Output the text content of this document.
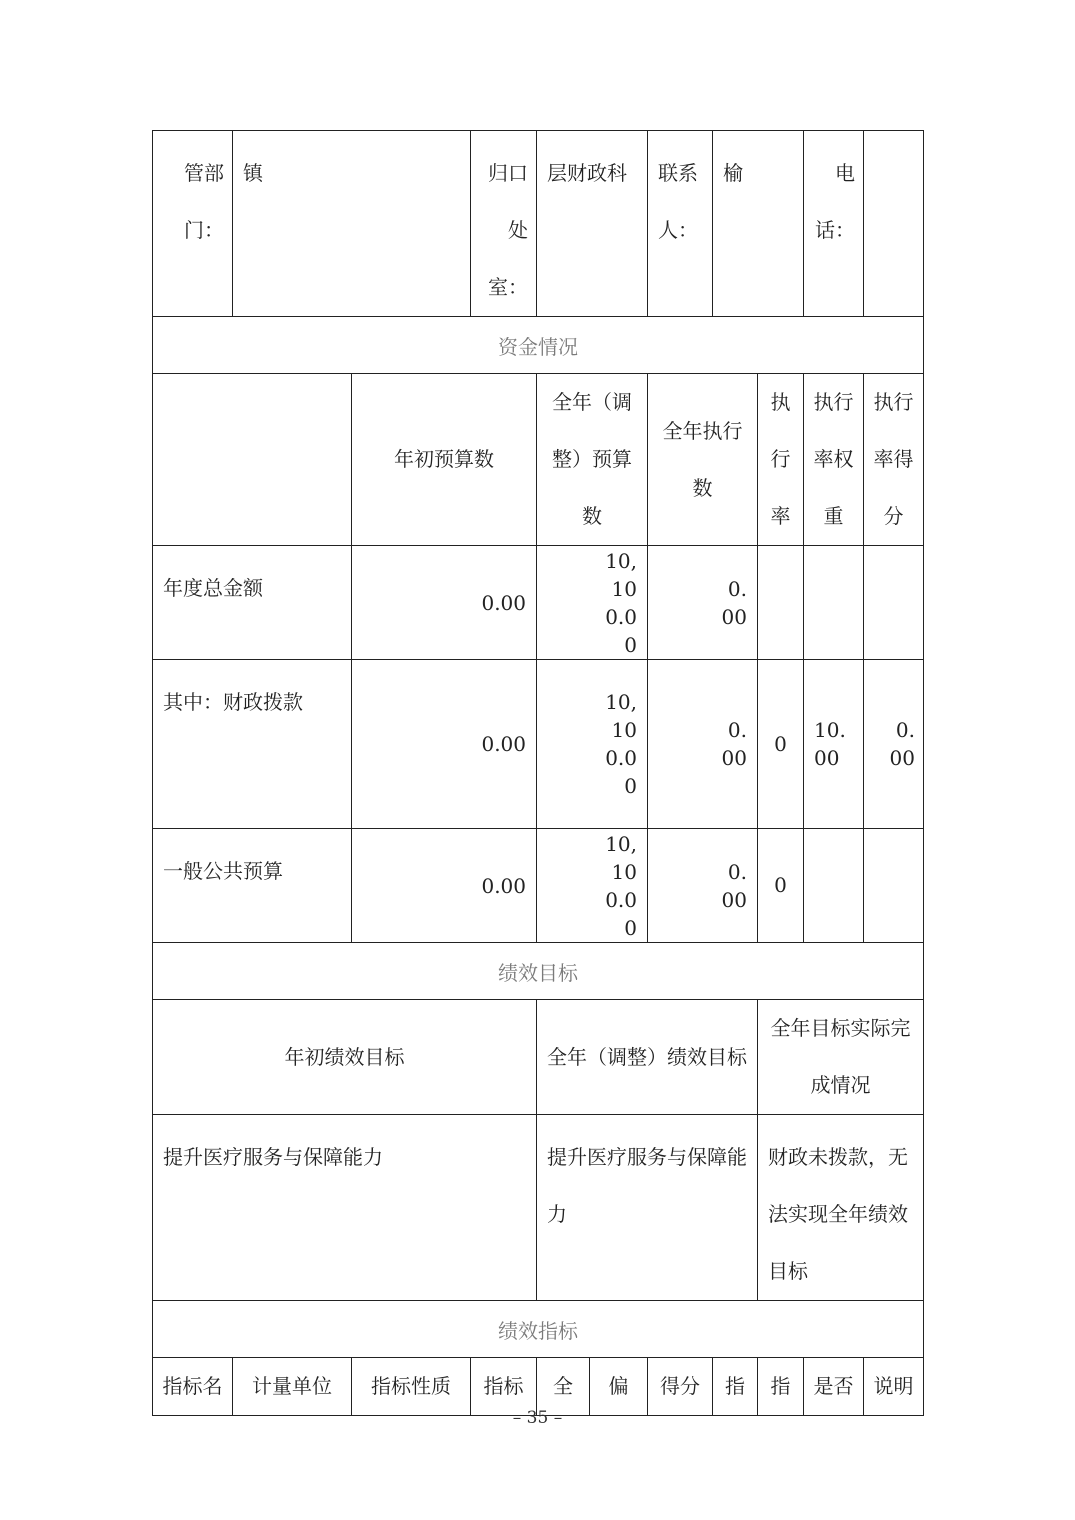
管部门：	镇		归口处室：	层财政科		联系人：	榆		电话：	
资金情况										
		年初预算数		全年（调整）预算数		全年执行数		执行率	执行率权重	执行率得分
年度总金额		0.00		10,100.00		0.00				
其中：财政拨款		0.00		10,100.00		0.00		0	10.00	0.00
一般公共预算		0.00		10,100.00		0.00		0		
绩效目标										
年初绩效目标				全年（调整）绩效目标				全年目标实际完成情况		
提升医疗服务与保障能力				提升医疗服务与保障能力				财政未拨款，无法实现全年绩效目标		
绩效指标										
指标名	计量单位	指标性质	指标	全	偏	得分	指	指	是否	说明
– 35 –
